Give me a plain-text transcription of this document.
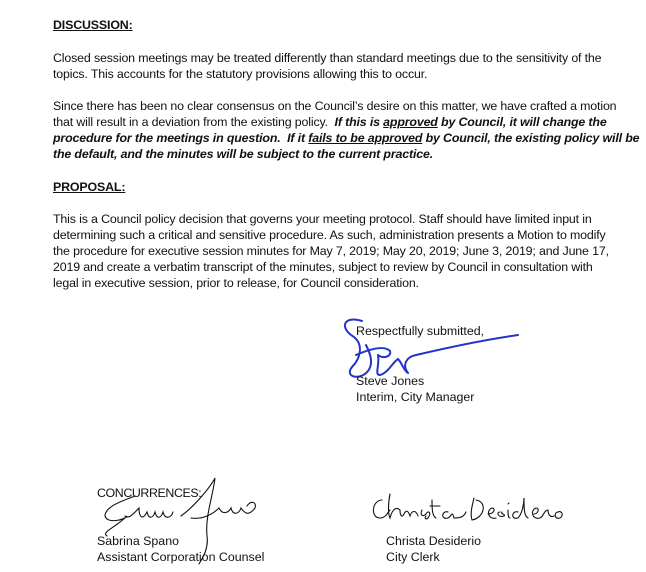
DISCUSSION:
Closed session meetings may be treated differently than standard meetings due to the sensitivity of the
topics. This accounts for the statutory provisions allowing this to occur.
Since there has been no clear consensus on the Council’s desire on this matter, we have crafted a motion
that will result in a deviation from the existing policy.  If this is approved by Council, it will change the
procedure for the meetings in question.  If it fails to be approved by Council, the existing policy will be
the default, and the minutes will be subject to the current practice.
PROPOSAL:
This is a Council policy decision that governs your meeting protocol. Staff should have limited input in
determining such a critical and sensitive procedure. As such, administration presents a Motion to modify
the procedure for executive session minutes for May 7, 2019; May 20, 2019; June 3, 2019; and June 17,
2019 and create a verbatim transcript of the minutes, subject to review by Council in consultation with
legal in executive session, prior to release, for Council consideration.
Respectfully submitted,
Steve Jones
Interim, City Manager
CONCURRENCES:
Sabrina Spano
Assistant Corporation Counsel
Christa Desiderio
City Clerk
